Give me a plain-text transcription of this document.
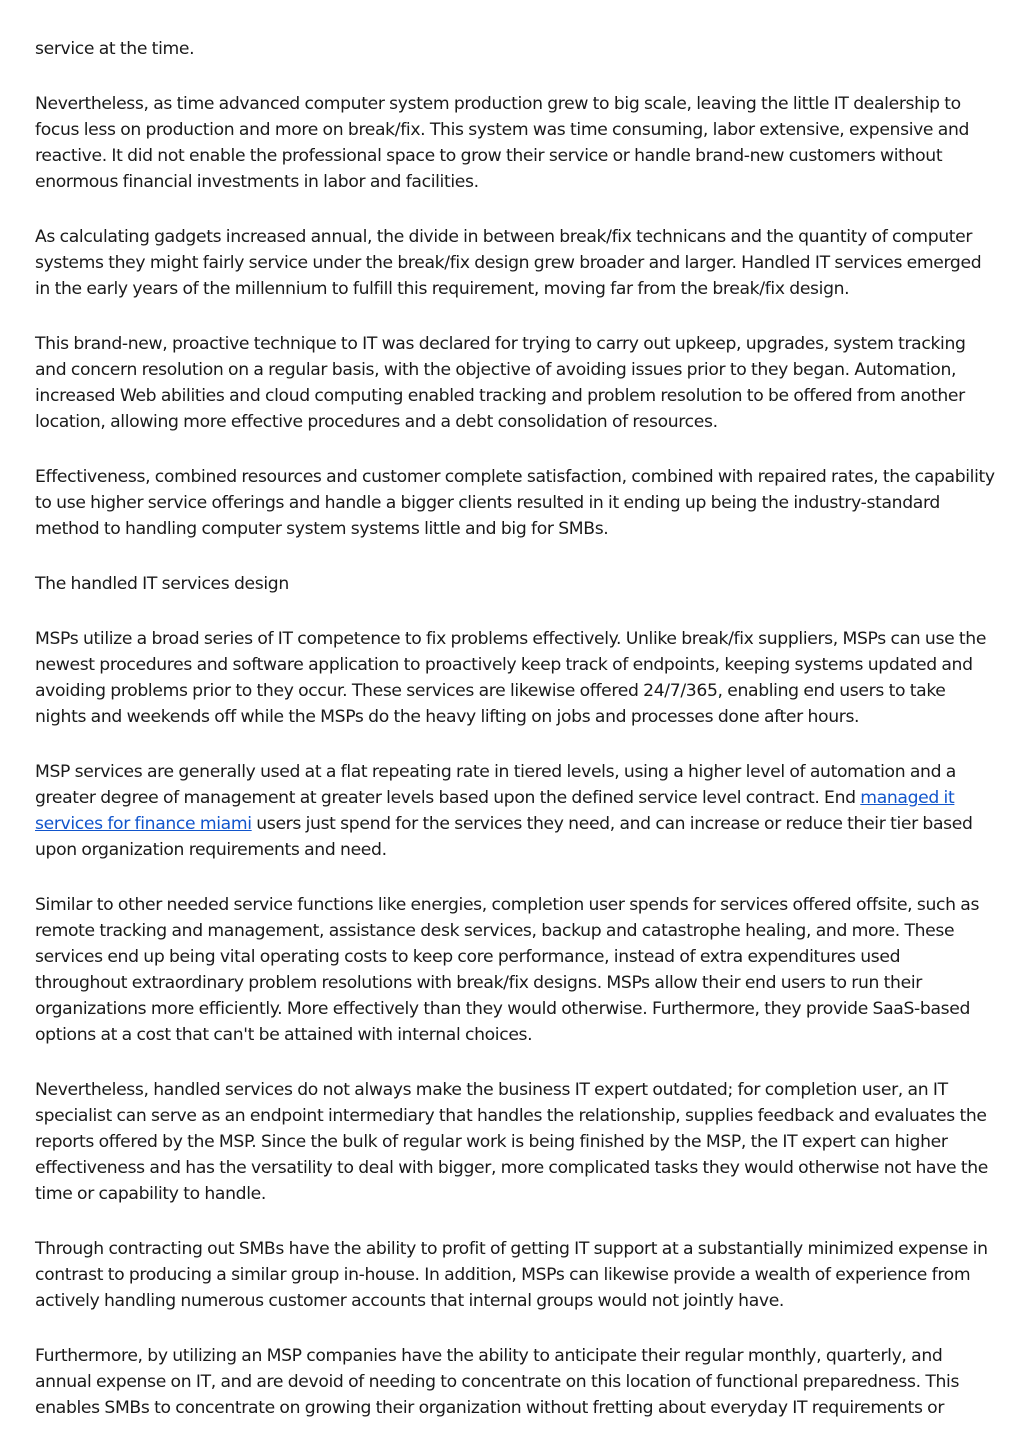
service at the time.

Nevertheless, as time advanced computer system production grew to big scale, leaving the little IT dealership to focus less on production and more on break/fix. This system was time consuming, labor extensive, expensive and reactive. It did not enable the professional space to grow their service or handle brand-new customers without enormous financial investments in labor and facilities.

As calculating gadgets increased annual, the divide in between break/fix technicans and the quantity of computer systems they might fairly service under the break/fix design grew broader and larger. Handled IT services emerged in the early years of the millennium to fulfill this requirement, moving far from the break/fix design.

This brand-new, proactive technique to IT was declared for trying to carry out upkeep, upgrades, system tracking and concern resolution on a regular basis, with the objective of avoiding issues prior to they began. Automation, increased Web abilities and cloud computing enabled tracking and problem resolution to be offered from another location, allowing more effective procedures and a debt consolidation of resources.

Effectiveness, combined resources and customer complete satisfaction, combined with repaired rates, the capability to use higher service offerings and handle a bigger clients resulted in it ending up being the industry-standard method to handling computer system systems little and big for SMBs.

The handled IT services design

MSPs utilize a broad series of IT competence to fix problems effectively. Unlike break/fix suppliers, MSPs can use the newest procedures and software application to proactively keep track of endpoints, keeping systems updated and avoiding problems prior to they occur. These services are likewise offered 24/7/365, enabling end users to take nights and weekends off while the MSPs do the heavy lifting on jobs and processes done after hours.

MSP services are generally used at a flat repeating rate in tiered levels, using a higher level of automation and a greater degree of management at greater levels based upon the defined service level contract. End managed it services for finance miami users just spend for the services they need, and can increase or reduce their tier based upon organization requirements and need.

Similar to other needed service functions like energies, completion user spends for services offered offsite, such as remote tracking and management, assistance desk services, backup and catastrophe healing, and more. These services end up being vital operating costs to keep core performance, instead of extra expenditures used throughout extraordinary problem resolutions with break/fix designs. MSPs allow their end users to run their organizations more efficiently. More effectively than they would otherwise. Furthermore, they provide SaaS-based options at a cost that can't be attained with internal choices.

Nevertheless, handled services do not always make the business IT expert outdated; for completion user, an IT specialist can serve as an endpoint intermediary that handles the relationship, supplies feedback and evaluates the reports offered by the MSP. Since the bulk of regular work is being finished by the MSP, the IT expert can higher effectiveness and has the versatility to deal with bigger, more complicated tasks they would otherwise not have the time or capability to handle.

Through contracting out SMBs have the ability to profit of getting IT support at a substantially minimized expense in contrast to producing a similar group in-house. In addition, MSPs can likewise provide a wealth of experience from actively handling numerous customer accounts that internal groups would not jointly have.

Furthermore, by utilizing an MSP companies have the ability to anticipate their regular monthly, quarterly, and annual expense on IT, and are devoid of needing to concentrate on this location of functional preparedness. This enables SMBs to concentrate on growing their organization without fretting about everyday IT requirements or
